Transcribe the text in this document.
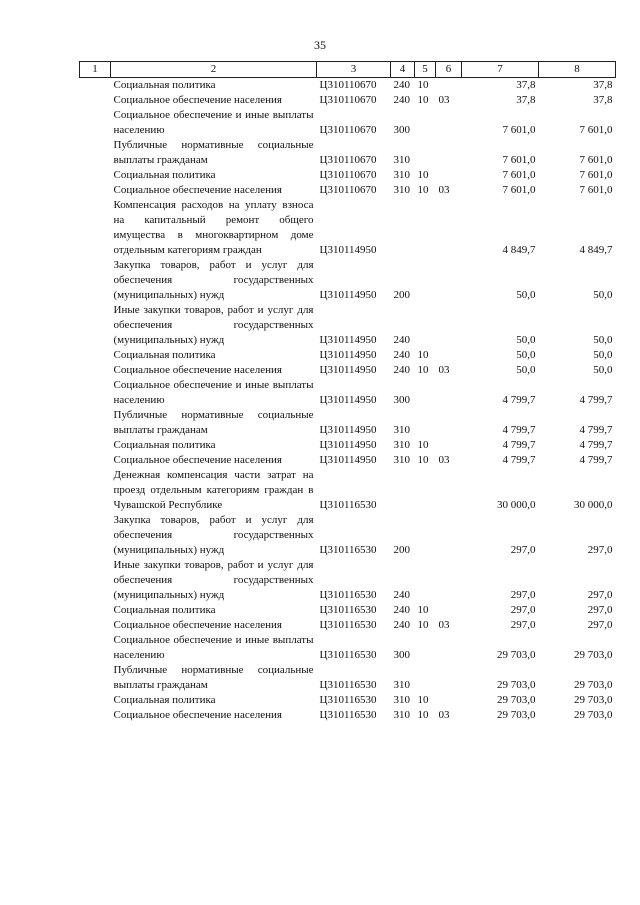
35
1	2	3	4	5	6	7	8
	Социальная политика	Ц310110670	240	10		37,8	37,8
	Социальное обеспечение населения	Ц310110670	240	10	03	37,8	37,8
	Социальное обеспечение и иные выплаты населению	Ц310110670	300			7 601,0	7 601,0
	Публичные нормативные социальные выплаты гражданам	Ц310110670	310			7 601,0	7 601,0
	Социальная политика	Ц310110670	310	10		7 601,0	7 601,0
	Социальное обеспечение населения	Ц310110670	310	10	03	7 601,0	7 601,0
	Компенсация расходов на уплату взноса на капитальный ремонт общего имущества в многоквартирном доме отдельным категориям граждан	Ц310114950				4 849,7	4 849,7
	Закупка товаров, работ и услуг для обеспечения государственных (муниципальных) нужд	Ц310114950	200			50,0	50,0
	Иные закупки товаров, работ и услуг для обеспечения государственных (муниципальных) нужд	Ц310114950	240			50,0	50,0
	Социальная политика	Ц310114950	240	10		50,0	50,0
	Социальное обеспечение населения	Ц310114950	240	10	03	50,0	50,0
	Социальное обеспечение и иные выплаты населению	Ц310114950	300			4 799,7	4 799,7
	Публичные нормативные социальные выплаты гражданам	Ц310114950	310			4 799,7	4 799,7
	Социальная политика	Ц310114950	310	10		4 799,7	4 799,7
	Социальное обеспечение населения	Ц310114950	310	10	03	4 799,7	4 799,7
	Денежная компенсация части затрат на проезд отдельным категориям граждан в Чувашской Республике	Ц310116530				30 000,0	30 000,0
	Закупка товаров, работ и услуг для обеспечения государственных (муниципальных) нужд	Ц310116530	200			297,0	297,0
	Иные закупки товаров, работ и услуг для обеспечения государственных (муниципальных) нужд	Ц310116530	240			297,0	297,0
	Социальная политика	Ц310116530	240	10		297,0	297,0
	Социальное обеспечение населения	Ц310116530	240	10	03	297,0	297,0
	Социальное обеспечение и иные выплаты населению	Ц310116530	300			29 703,0	29 703,0
	Публичные нормативные социальные выплаты гражданам	Ц310116530	310			29 703,0	29 703,0
	Социальная политика	Ц310116530	310	10		29 703,0	29 703,0
	Социальное обеспечение населения	Ц310116530	310	10	03	29 703,0	29 703,0
